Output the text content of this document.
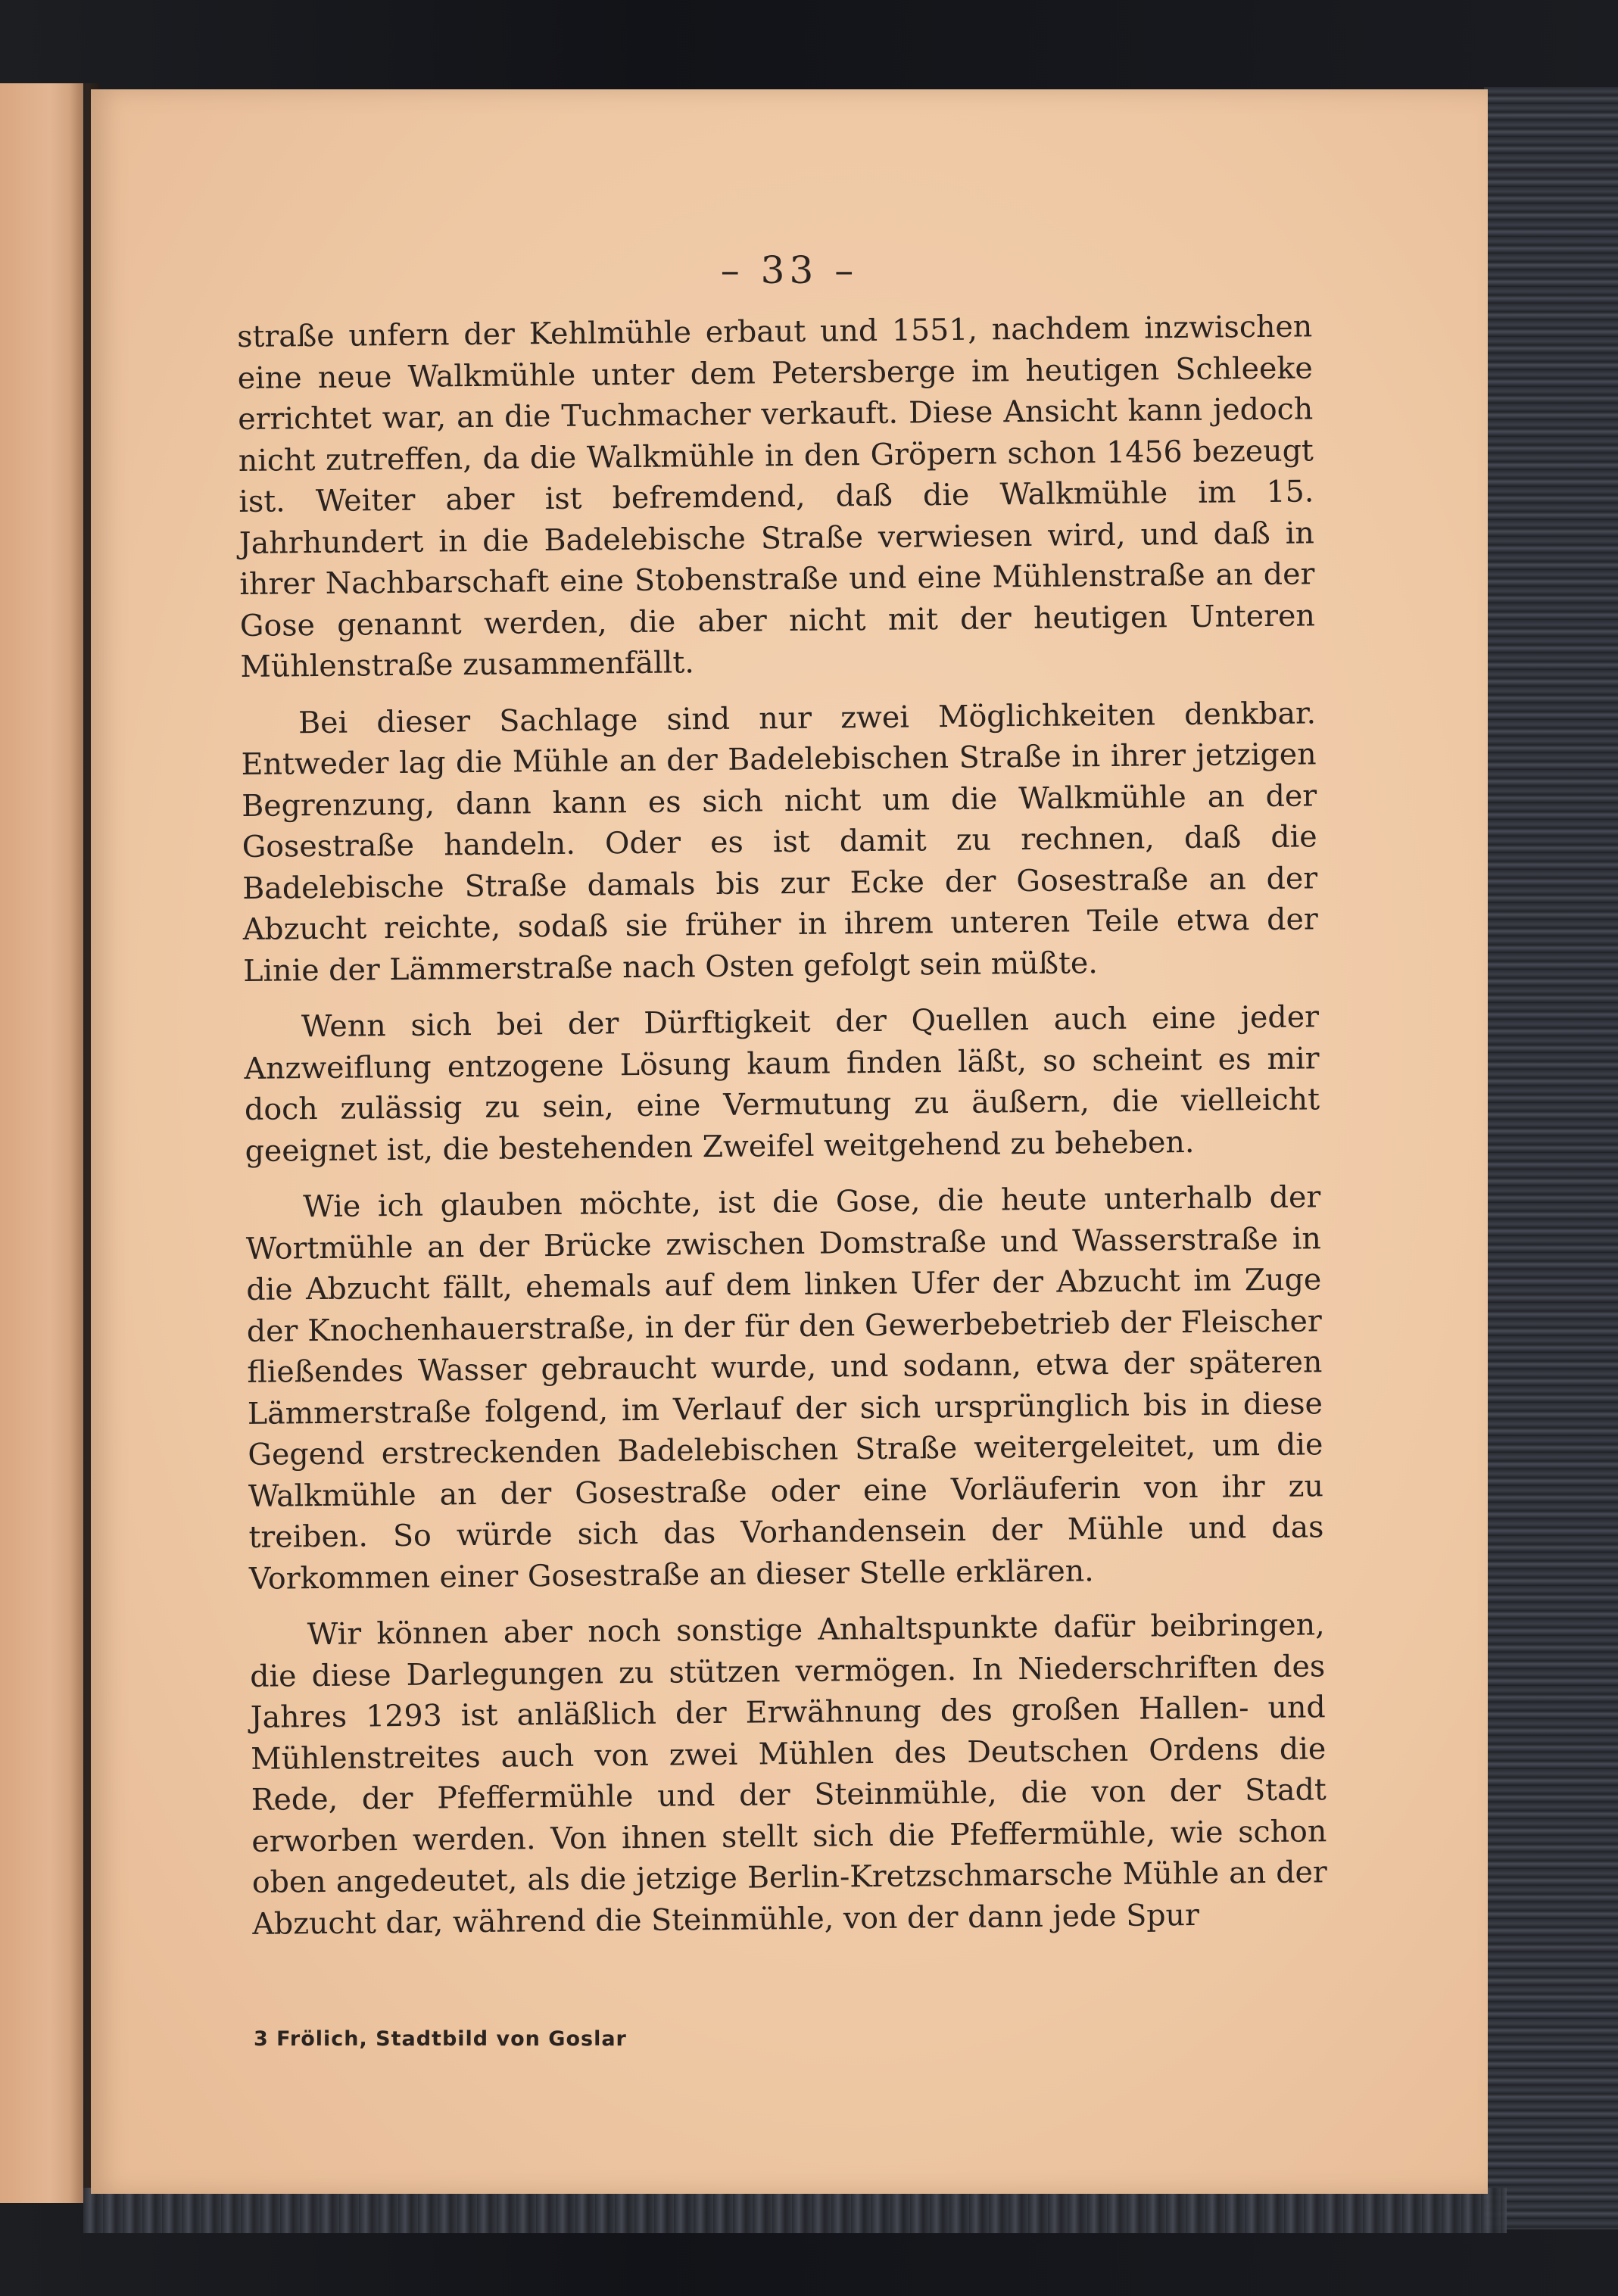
– 33 –

straße unfern der Kehlmühle erbaut und 1551, nachdem inzwischen eine neue Walkmühle unter dem Petersberge im heutigen Schleeke errichtet war, an die Tuchmacher verkauft. Diese Ansicht kann jedoch nicht zutreffen, da die Walkmühle in den Gröpern schon 1456 bezeugt ist. Weiter aber ist befremdend, daß die Walkmühle im 15. Jahrhundert in die Badelebische Straße verwiesen wird, und daß in ihrer Nachbarschaft eine Stobenstraße und eine Mühlenstraße an der Gose genannt werden, die aber nicht mit der heutigen Unteren Mühlenstraße zusammenfällt.

Bei dieser Sachlage sind nur zwei Möglichkeiten denkbar. Entweder lag die Mühle an der Badelebischen Straße in ihrer jetzigen Begrenzung, dann kann es sich nicht um die Walkmühle an der Gosestraße handeln. Oder es ist damit zu rechnen, daß die Badelebische Straße damals bis zur Ecke der Gosestraße an der Abzucht reichte, sodaß sie früher in ihrem unteren Teile etwa der Linie der Lämmerstraße nach Osten gefolgt sein müßte.

Wenn sich bei der Dürftigkeit der Quellen auch eine jeder Anzweiflung entzogene Lösung kaum finden läßt, so scheint es mir doch zulässig zu sein, eine Vermutung zu äußern, die vielleicht geeignet ist, die bestehenden Zweifel weitgehend zu beheben.

Wie ich glauben möchte, ist die Gose, die heute unterhalb der Wortmühle an der Brücke zwischen Domstraße und Wasserstraße in die Abzucht fällt, ehemals auf dem linken Ufer der Abzucht im Zuge der Knochenhauerstraße, in der für den Gewerbebetrieb der Fleischer fließendes Wasser gebraucht wurde, und sodann, etwa der späteren Lämmerstraße folgend, im Verlauf der sich ursprünglich bis in diese Gegend erstreckenden Badelebischen Straße weitergeleitet, um die Walkmühle an der Gosestraße oder eine Vorläuferin von ihr zu treiben. So würde sich das Vorhandensein der Mühle und das Vorkommen einer Gosestraße an dieser Stelle erklären.

Wir können aber noch sonstige Anhaltspunkte dafür beibringen, die diese Darlegungen zu stützen vermögen. In Niederschriften des Jahres 1293 ist anläßlich der Erwähnung des großen Hallen- und Mühlenstreites auch von zwei Mühlen des Deutschen Ordens die Rede, der Pfeffermühle und der Steinmühle, die von der Stadt erworben werden. Von ihnen stellt sich die Pfeffermühle, wie schon oben angedeutet, als die jetzige Berlin-Kretzschmarsche Mühle an der Abzucht dar, während die Steinmühle, von der dann jede Spur

3 Frölich, Stadtbild von Goslar
